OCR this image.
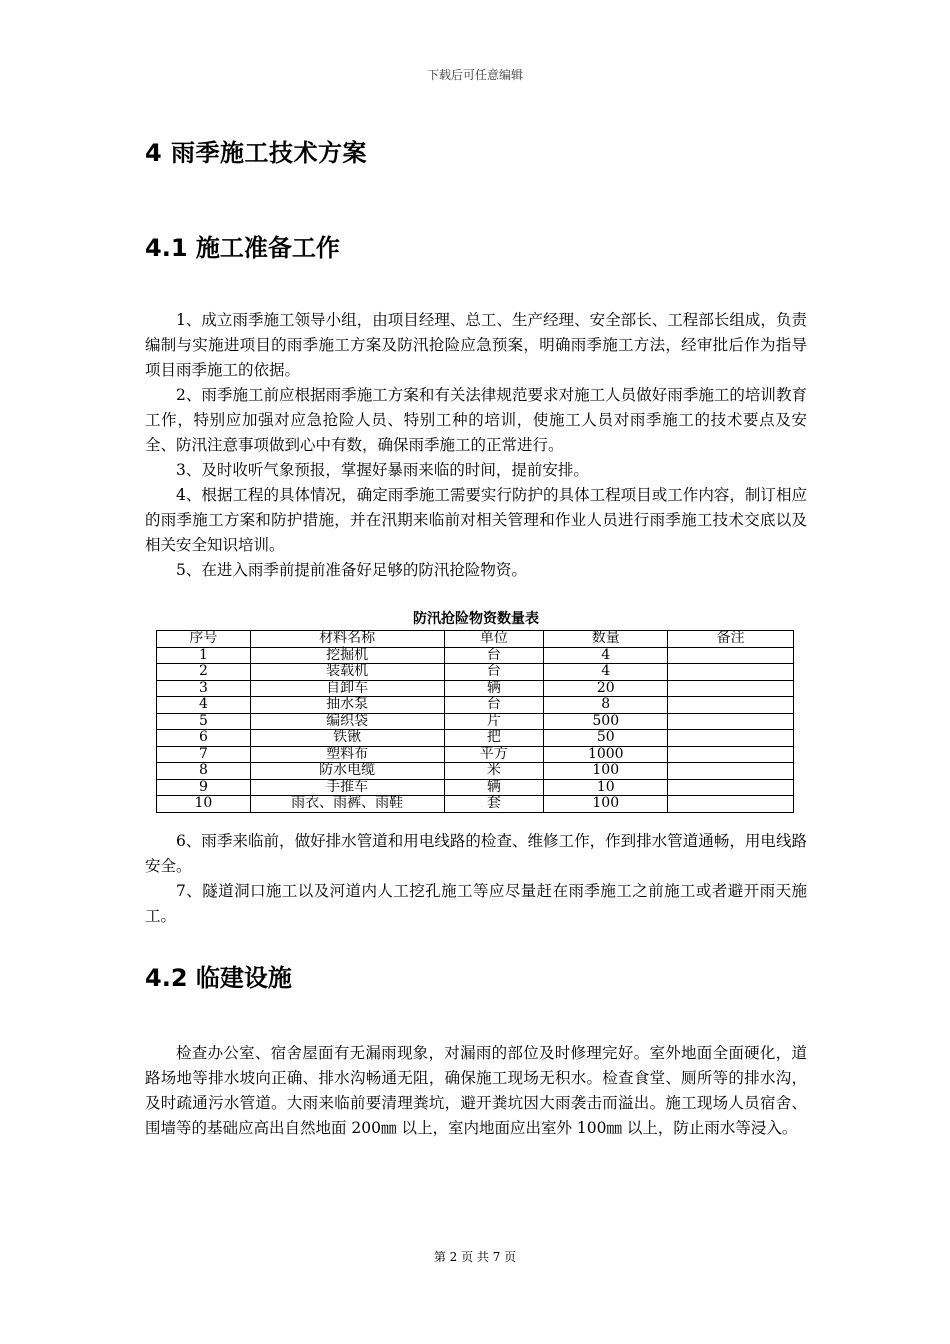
下载后可任意编辑
4 雨季施工技术方案
4.1 施工准备工作

1、成立雨季施工领导小组，由项目经理、总工、生产经理、安全部长、工程部长组成，负责编制与实施进项目的雨季施工方案及防汛抢险应急预案，明确雨季施工方法，经审批后作为指导项目雨季施工的依据。

2、雨季施工前应根据雨季施工方案和有关法律规范要求对施工人员做好雨季施工的培训教育工作，特别应加强对应急抢险人员、特别工种的培训，使施工人员对雨季施工的技术要点及安全、防汛注意事项做到心中有数，确保雨季施工的正常进行。

3、及时收听气象预报，掌握好暴雨来临的时间，提前安排。

4、根据工程的具体情况，确定雨季施工需要实行防护的具体工程项目或工作内容，制订相应的雨季施工方案和防护措施，并在汛期来临前对相关管理和作业人员进行雨季施工技术交底以及相关安全知识培训。

5、在进入雨季前提前准备好足够的防汛抢险物资。

防汛抢险物资数量表
序号	材料名称	单位	数量	备注
1	挖掘机	台	4	
2	装载机	台	4	
3	自卸车	辆	20	
4	抽水泵	台	8	
5	编织袋	片	500	
6	铁锹	把	50	
7	塑料布	平方	1000	
8	防水电缆	米	100	
9	手推车	辆	10	
10	雨衣、雨裤、雨鞋	套	100	

6、雨季来临前，做好排水管道和用电线路的检查、维修工作，作到排水管道通畅，用电线路安全。

7、隧道洞口施工以及河道内人工挖孔施工等应尽量赶在雨季施工之前施工或者避开雨天施工。

4.2 临建设施

检查办公室、宿舍屋面有无漏雨现象，对漏雨的部位及时修理完好。室外地面全面硬化，道路场地等排水坡向正确、排水沟畅通无阻，确保施工现场无积水。检查食堂、厕所等的排水沟，及时疏通污水管道。大雨来临前要清理粪坑，避开粪坑因大雨袭击而溢出。施工现场人员宿舍、围墙等的基础应高出自然地面 200㎜ 以上，室内地面应出室外 100㎜ 以上，防止雨水等浸入。

第 2 页 共 7 页
